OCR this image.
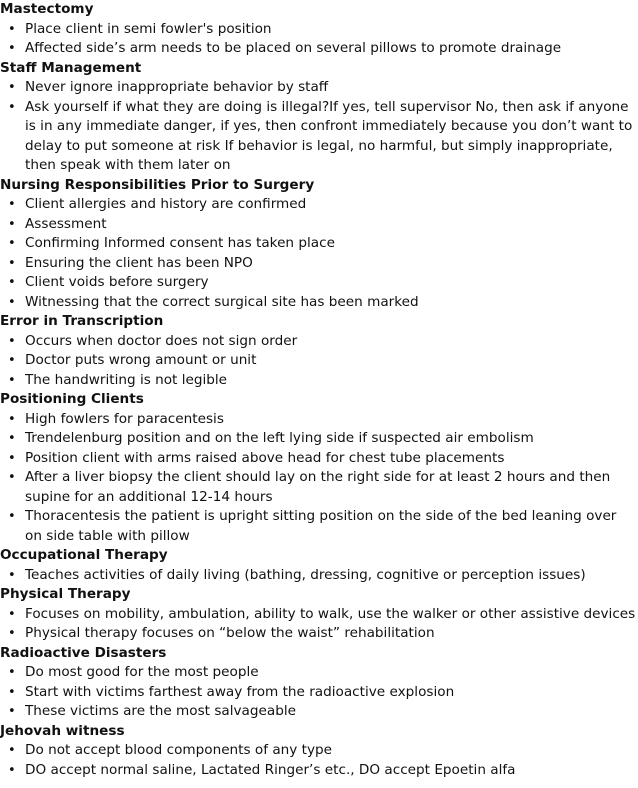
Mastectomy
• Place client in semi fowler's position
• Affected side’s arm needs to be placed on several pillows to promote drainage
Staff Management
• Never ignore inappropriate behavior by staff
• Ask yourself if what they are doing is illegal?If yes, tell supervisor No, then ask if anyone is in any immediate danger, if yes, then confront immediately because you don’t want to delay to put someone at risk If behavior is legal, no harmful, but simply inappropriate, then speak with them later on
Nursing Responsibilities Prior to Surgery
• Client allergies and history are confirmed
• Assessment
• Confirming Informed consent has taken place
• Ensuring the client has been NPO
• Client voids before surgery
• Witnessing that the correct surgical site has been marked
Error in Transcription
• Occurs when doctor does not sign order
• Doctor puts wrong amount or unit
• The handwriting is not legible
Positioning Clients
• High fowlers for paracentesis
• Trendelenburg position and on the left lying side if suspected air embolism
• Position client with arms raised above head for chest tube placements
• After a liver biopsy the client should lay on the right side for at least 2 hours and then supine for an additional 12-14 hours
• Thoracentesis the patient is upright sitting position on the side of the bed leaning over on side table with pillow
Occupational Therapy
• Teaches activities of daily living (bathing, dressing, cognitive or perception issues)
Physical Therapy
• Focuses on mobility, ambulation, ability to walk, use the walker or other assistive devices
• Physical therapy focuses on “below the waist” rehabilitation
Radioactive Disasters
• Do most good for the most people
• Start with victims farthest away from the radioactive explosion
• These victims are the most salvageable
Jehovah witness
• Do not accept blood components of any type
• DO accept normal saline, Lactated Ringer’s etc., DO accept Epoetin alfa
